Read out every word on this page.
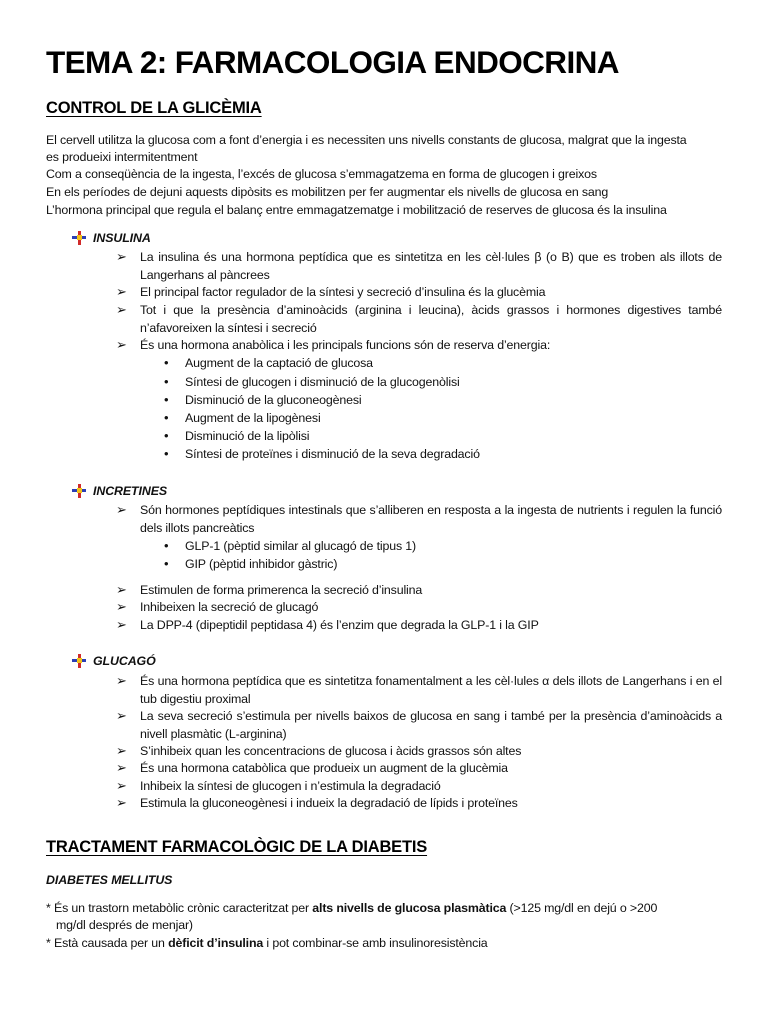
TEMA 2: FARMACOLOGIA ENDOCRINA
CONTROL DE LA GLICÈMIA
El cervell utilitza la glucosa com a font d’energia i es necessiten uns nivells constants de glucosa, malgrat que la ingesta
es produeixi intermitentment
Com a conseqüència de la ingesta, l’excés de glucosa s’emmagatzema en forma de glucogen i greixos
En els períodes de dejuni aquests dipòsits es mobilitzen per fer augmentar els nivells de glucosa en sang
L’hormona principal que regula el balanç entre emmagatzematge i mobilització de reserves de glucosa és la insulina
INSULINA
➢ La insulina és una hormona peptídica que es sintetitza en les cèl·lules β (o B) que es troben als illots de Langerhans al pàncrees
➢ El principal factor regulador de la síntesi y secreció d’insulina és la glucèmia
➢ Tot i que la presència d’aminoàcids (arginina i leucina), àcids grassos i hormones digestives també n’afavoreixen la síntesi i secreció
➢ És una hormona anabòlica i les principals funcions són de reserva d’energia:
• Augment de la captació de glucosa
• Síntesi de glucogen i disminució de la glucogenòlisi
• Disminució de la gluconeogènesi
• Augment de la lipogènesi
• Disminució de la lipòlisi
• Síntesi de proteïnes i disminució de la seva degradació
INCRETINES
➢ Són hormones peptídiques intestinals que s’alliberen en resposta a la ingesta de nutrients i regulen la funció dels illots pancreàtics
• GLP-1 (pèptid similar al glucagó de tipus 1)
• GIP (pèptid inhibidor gàstric)
➢ Estimulen de forma primerenca la secreció d’insulina
➢ Inhibeixen la secreció de glucagó
➢ La DPP-4 (dipeptidil peptidasa 4) és l’enzim que degrada la GLP-1 i la GIP
GLUCAGÓ
➢ És una hormona peptídica que es sintetitza fonamentalment a les cèl·lules α dels illots de Langerhans i en el tub digestiu proximal
➢ La seva secreció s’estimula per nivells baixos de glucosa en sang i també per la presència d’aminoàcids a nivell plasmàtic (L-arginina)
➢ S’inhibeix quan les concentracions de glucosa i àcids grassos són altes
➢ És una hormona catabòlica que produeix un augment de la glucèmia
➢ Inhibeix la síntesi de glucogen i n’estimula la degradació
➢ Estimula la gluconeogènesi i indueix la degradació de lípids i proteïnes
TRACTAMENT FARMACOLÒGIC DE LA DIABETIS
DIABETES MELLITUS
* És un trastorn metabòlic crònic caracteritzat per alts nivells de glucosa plasmàtica (>125 mg/dl en dejú o >200
mg/dl després de menjar)
* Està causada per un dèficit d’insulina i pot combinar-se amb insulinoresistència
